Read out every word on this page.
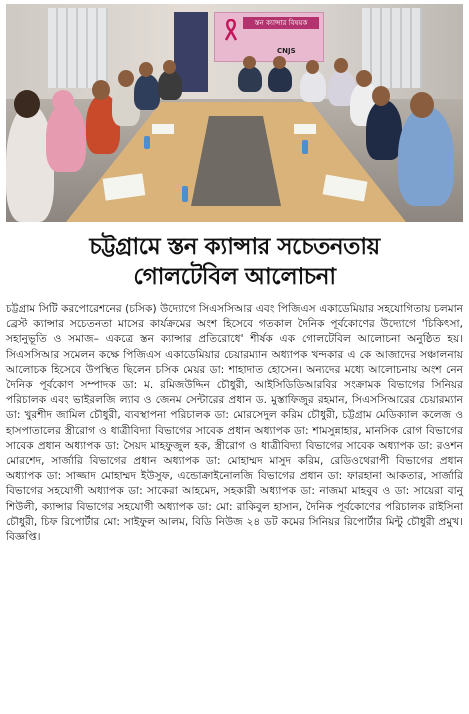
স্তন ক্যান্সার বিষয়ক
CNJS
চট্টগ্রামে স্তন ক্যান্সার সচেতনতায়
গোলটেবিল আলোচনা
চট্টগ্রাম সিটি করপোরেশনের (চসিক) উদ্যোগে সিএসসিআর এবং পিজিএস একাডেমিয়ার সহযোগিতায় চলমান ব্রেস্ট ক্যান্সার সচেতনতা মাসের কার্যক্রমের অংশ হিসেবে গতকাল দৈনিক পূর্বকোণের উদ্যোগে 'চিকিৎসা, সহানুভূতি ও সমাজ– একত্রে স্তন ক্যান্সার প্রতিরোধে' শীর্ষক এক গোলটেবিল আলোচনা অনুষ্ঠিত হয়। সিএসসিআর সমেলন কক্ষে পিজিএস একাডেমিয়ার চেয়ারম্যান অধ্যাপক খন্দকার এ কে আজাদের সঞ্চালনায় আলোচক হিসেবে উপস্থিত ছিলেন চসিক মেয়র ডা: শাহাদাত হোসেন। অন্যদের মধ্যে আলোচনায় অংশ নেন দৈনিক পূর্বকোণ সম্পাদক ডা: ম. রমিজউদ্দিন চৌধুরী, আইসিডিডিআরবির সংক্রামক বিভাগের সিনিয়র পরিচালক এবং ভাইরলজি ল্যাব ও জেনম সেন্টারের প্রধান ড. মুস্তাফিজুর রহমান, সিএসসিআরের চেয়ারম্যান ডা: খুরশীদ জামিল চৌধুরী, ব্যবস্থাপনা পরিচালক ডা: মোরসেদুল করিম চৌধুরী, চট্টগ্রাম মেডিক্যাল কলেজ ও হাসপাতালের স্ত্রীরোগ ও ধাত্রীবিদ্যা বিভাগের সাবেক প্রধান অধ্যাপক ডা: শামসুন্নাহার, মানসিক রোগ বিভাগের সাবেক প্রধান অধ্যাপক ডা: সৈয়দ মাহফুজুল হক, স্ত্রীরোগ ও ধাত্রীবিদ্যা বিভাগের সাবেক অধ্যাপক ডা: রওশন মোরশেদ, সার্জারি বিভাগের প্রধান অধ্যাপক ডা: মোহাম্মদ মাসুদ করিম, রেডিওথেরাপী বিভাগের প্রধান অধ্যাপক ডা: সাজ্জাদ মোহাম্মদ ইউসুফ, এন্ডোক্রাইনোলজি বিভাগের প্রধান ডা: ফারহানা আকতার, সার্জারি বিভাগের সহযোগী অধ্যাপক ডা: সাকেরা আহমেদ, সহকারী অধ্যাপক ডা: নাজমা মাহবুব ও ডা: সায়েরা বানু শিউলী, ক্যান্সার বিভাগের সহযোগী অধ্যাপক ডা: মো: রাকিবুল হাসান, দৈনিক পূর্বকোণের পরিচালক রাইসিনা চৌধুরী, চিফ রিপোর্টার মো: সাইফুল আলম, বিডি নিউজ ২৪ ডট কমের সিনিয়র রিপোর্টার মিন্টু চৌধুরী প্রমুখ। বিজ্ঞপ্তি।
